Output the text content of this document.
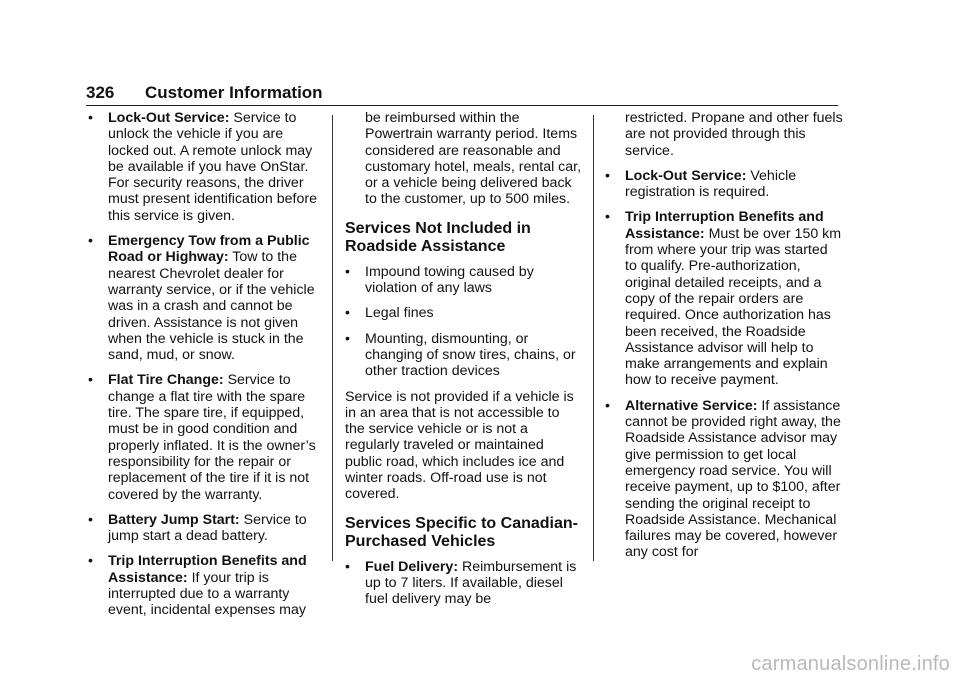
326 Customer Information
•	Lock-Out Service: Service to unlock the vehicle if you are locked out. A remote unlock may be available if you have OnStar. For security reasons, the driver must present identification before this service is given.
•	Emergency Tow from a Public Road or Highway: Tow to the nearest Chevrolet dealer for warranty service, or if the vehicle was in a crash and cannot be driven. Assistance is not given when the vehicle is stuck in the sand, mud, or snow.
•	Flat Tire Change: Service to change a flat tire with the spare tire. The spare tire, if equipped, must be in good condition and properly inflated. It is the owner’s responsibility for the repair or replacement of the tire if it is not covered by the warranty.
•	Battery Jump Start: Service to jump start a dead battery.
•	Trip Interruption Benefits and Assistance: If your trip is interrupted due to a warranty event, incidental expenses may
be reimbursed within the Powertrain warranty period. Items considered are reasonable and customary hotel, meals, rental car, or a vehicle being delivered back to the customer, up to 500 miles.
Services Not Included in Roadside Assistance
•	Impound towing caused by violation of any laws
•	Legal fines
•	Mounting, dismounting, or changing of snow tires, chains, or other traction devices
Service is not provided if a vehicle is in an area that is not accessible to the service vehicle or is not a regularly traveled or maintained public road, which includes ice and winter roads. Off-road use is not covered.
Services Specific to Canadian-Purchased Vehicles
•	Fuel Delivery: Reimbursement is up to 7 liters. If available, diesel fuel delivery may be
restricted. Propane and other fuels are not provided through this service.
•	Lock-Out Service: Vehicle registration is required.
•	Trip Interruption Benefits and Assistance: Must be over 150 km from where your trip was started to qualify. Pre-authorization, original detailed receipts, and a copy of the repair orders are required. Once authorization has been received, the Roadside Assistance advisor will help to make arrangements and explain how to receive payment.
•	Alternative Service: If assistance cannot be provided right away, the Roadside Assistance advisor may give permission to get local emergency road service. You will receive payment, up to $100, after sending the original receipt to Roadside Assistance. Mechanical failures may be covered, however any cost for
carmanualsonline.info
